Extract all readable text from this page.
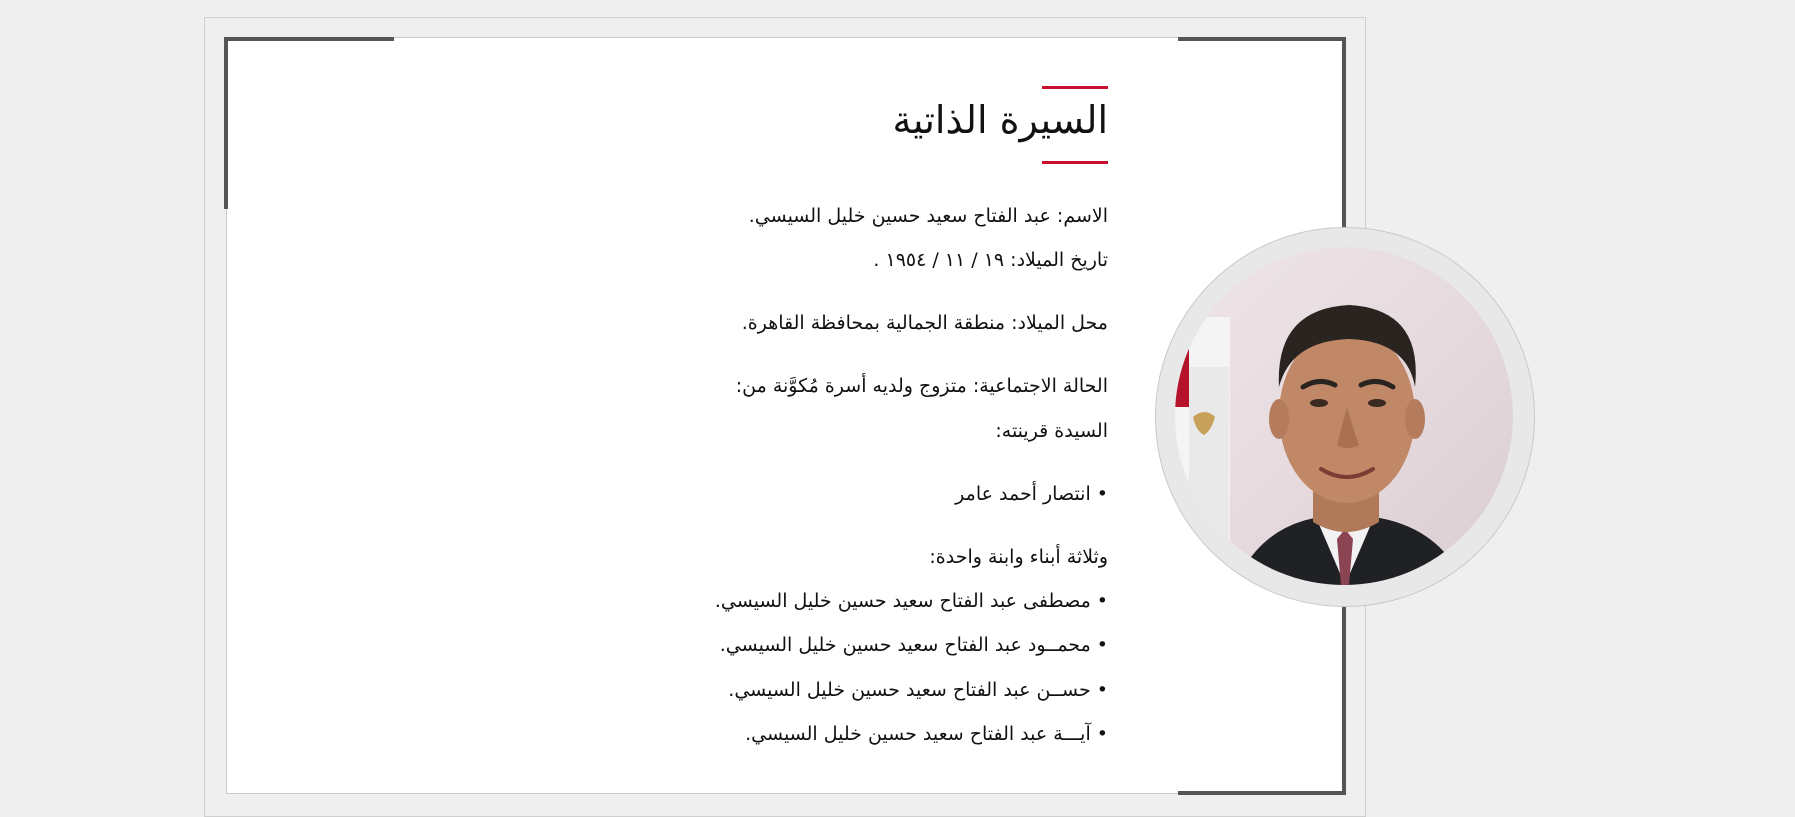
السيرة الذاتية

الاسم: عبد الفتاح سعيد حسين خليل السيسي.

تاريخ الميلاد: ١٩ / ١١ / ١٩٥٤ .

محل الميلاد: منطقة الجمالية بمحافظة القاهرة.

الحالة الاجتماعية: متزوج ولديه أسرة مُكوَّنة من:

السيدة قرينته:

• انتصار أحمد عامر

وثلاثة أبناء وابنة واحدة:

• مصطفى عبد الفتاح سعيد حسين خليل السيسي.

• محمــود عبد الفتاح سعيد حسين خليل السيسي.

• حســن عبد الفتاح سعيد حسين خليل السيسي.

• آيـــة عبد الفتاح سعيد حسين خليل السيسي.
